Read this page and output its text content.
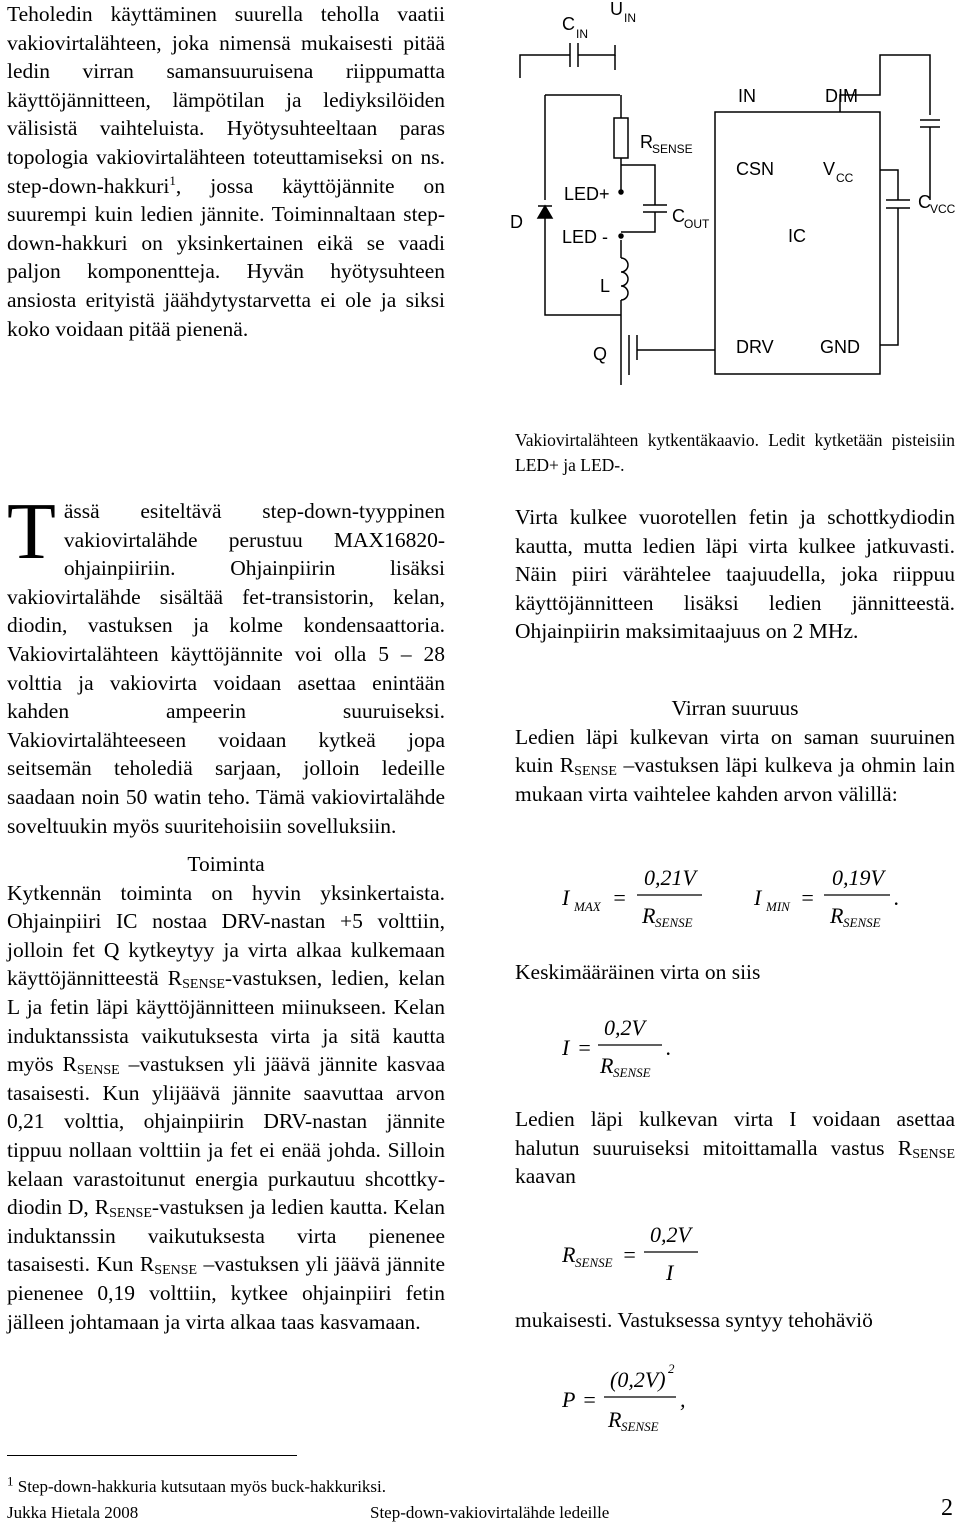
Teholedin käyttäminen suurella teholla vaatii vakiovirtalähteen, joka nimensä mukaisesti pitää ledin virran samansuuruisena riippumatta käyttöjännitteen, lämpötilan ja lediyksilöiden välisistä vaihteluista. Hyötysuhteeltaan paras topologia vakiovirtalähteen toteuttamiseksi on ns. step-down-hakkuri$^1$, jossa käyttöjännite on suurempi kuin ledien jännite. Toiminnaltaan step-down-hakkuri on yksinkertainen eikä se vaadi paljon komponentteja. Hyvän hyötysuhteen ansiosta erityistä jäähdytystarvetta ei ole ja siksi koko voidaan pitää pienenä.

Tässä esiteltävä step-down-tyyppinen vakiovirtalähde perustuu MAX16820-ohjainpiiriin. Ohjainpiirin lisäksi vakiovirtalähde sisältää fet-transistorin, kelan, diodin, vastuksen ja kolme kondensaattoria. Vakiovirtalähteen käyttöjännite voi olla 5 – 28 volttia ja vakiovirta voidaan asettaa enintään kahden ampeerin suuruiseksi. Vakiovirtalähteeseen voidaan kytkeä jopa seitsemän teholediä sarjaan, jolloin ledeille saadaan noin 50 watin teho. Tämä vakiovirtalähde soveltuukin myös suuritehoisiin sovelluksiin.

Toiminta

Kytkennän toiminta on hyvin yksinkertaista. Ohjainpiiri IC nostaa DRV-nastan +5 volttiin, jolloin fet Q kytkeytyy ja virta alkaa kulkemaan käyttöjännitteestä $R_{SENSE}$-vastuksen, ledien, kelan L ja fetin läpi käyttöjännitteen miinukseen. Kelan induktanssista vaikutuksesta virta ja sitä kautta myös $R_{SENSE}$ –vastuksen yli jäävä jännite kasvaa tasaisesti. Kun ylijäävä jännite saavuttaa arvon 0,21 volttia, ohjainpiirin DRV-nastan jännite tippuu nollaan volttiin ja fet ei enää johda. Silloin kelaan varastoitunut energia purkautuu shcottky-diodin D, $R_{SENSE}$-vastuksen ja ledien kautta. Kelan induktanssin vaikutuksesta virta pienenee tasaisesti. Kun $R_{SENSE}$ –vastuksen yli jäävä jännite pienenee 0,19 volttiin, kytkee ohjainpiiri fetin jälleen johtamaan ja virta alkaa taas kasvamaan.

C IN
U IN
IN	DIM
R SENSE
CSN	V CC
LED+
C OUT
C VCC
D
LED -	IC
L
Q	DRV	GND

Vakiovirtalähteen kytkentäkaavio. Ledit kytketään pisteisiin LED+ ja LED-.

Virta kulkee vuorotellen fetin ja schottkydiodin kautta, mutta ledien läpi virta kulkee jatkuvasti. Näin piiri värähtelee taajuudella, joka riippuu käyttöjännitteen lisäksi ledien jännitteestä. Ohjainpiirin maksimitaajuus on 2 MHz.

Virran suuruus

Ledien läpi kulkevan virta on saman suuruinen kuin $R_{SENSE}$ –vastuksen läpi kulkeva ja ohmin lain mukaan virta vaihtelee kahden arvon välillä:

I MAX =
0,21V
R SENSE
I MIN =
0,19V
R SENSE
.

Keskimääräinen virta on siis

I =
0,2V
R SENSE
.

Ledien läpi kulkevan virta I voidaan asettaa halutun suuruiseksi mitoittamalla vastus $R_{SENSE}$ kaavan

R SENSE =
0,2V
I

mukaisesti. Vastuksessa syntyy tehohäviö

P =
(0,2V) 2
R SENSE
,
$^1$ Step-down-hakkuria kutsutaan myös buck-hakkuriksi.
Jukka Hietala 2008	Step-down-vakiovirtalähde ledeille	2
